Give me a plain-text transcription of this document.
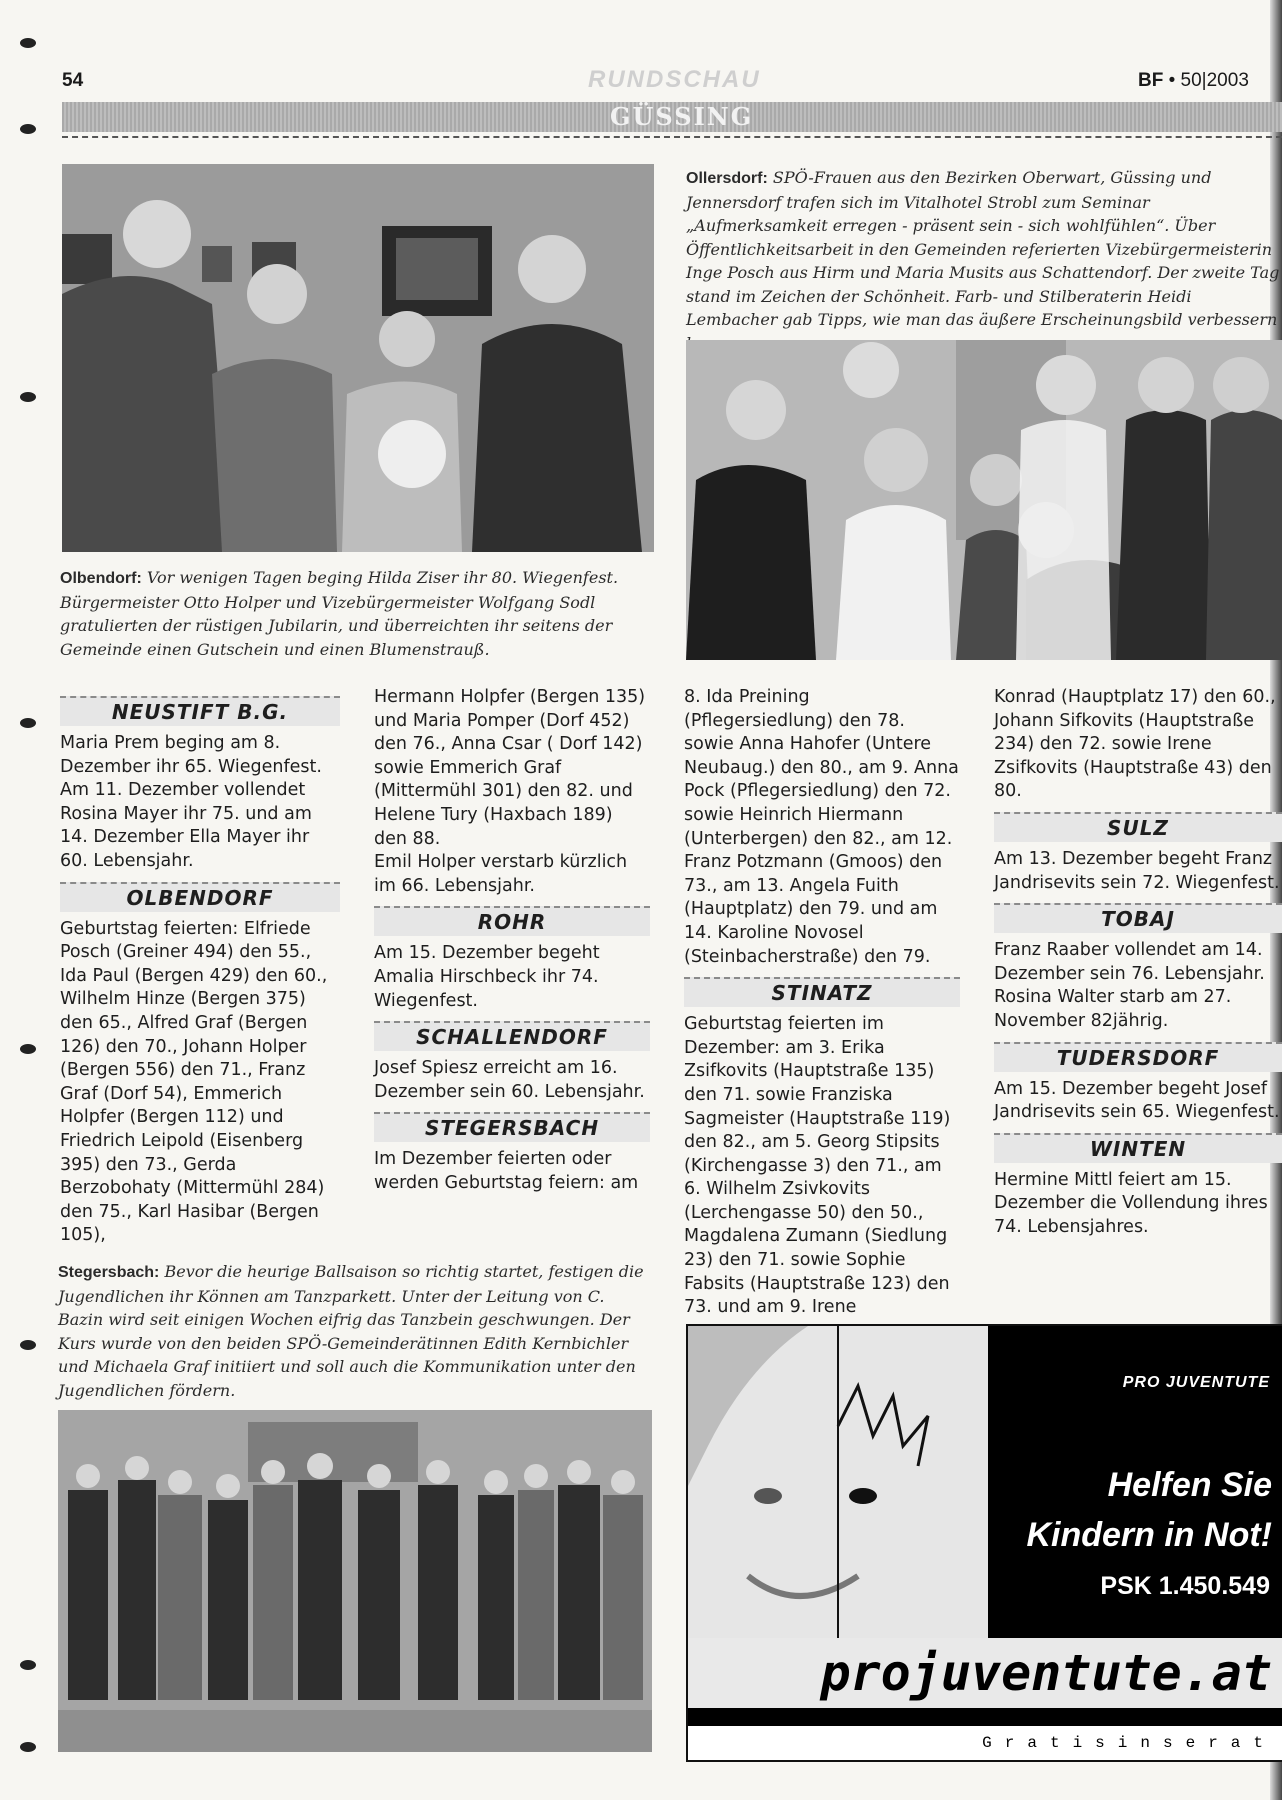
54	RUNDSCHAU	BF • 50|2003
GÜSSING
Olbendorf: Vor wenigen Tagen beging Hilda Ziser ihr 80. Wiegenfest. Bürgermeister Otto Holper und Vizebürgermeister Wolfgang Sodl gratulierten der rüstigen Jubilarin, und überreichten ihr seitens der Gemeinde einen Gutschein und einen Blumenstrauß.
Ollersdorf: SPÖ-Frauen aus den Bezirken Oberwart, Güssing und Jennersdorf trafen sich im Vitalhotel Strobl zum Seminar „Aufmerksamkeit erregen - präsent sein - sich wohlfühlen“. Über Öffentlichkeitsarbeit in den Gemeinden referierten Vizebürgermeisterin Inge Posch aus Hirm und Maria Musits aus Schattendorf. Der zweite Tag stand im Zeichen der Schönheit. Farb- und Stilberaterin Heidi Lembacher gab Tipps, wie man das äußere Erscheinungsbild verbessern
NEUSTIFT B.G.

Maria Prem beging am 8. Dezember ihr 65. Wiegenfest. Am 11. Dezember vollendet Rosina Mayer ihr 75. und am 14. Dezember Ella Mayer ihr 60. Lebensjahr.

OLBENDORF

Geburtstag feierten: Elfriede Posch (Greiner 494) den 55., Ida Paul (Bergen 429) den 60., Wilhelm Hinze (Bergen 375) den 65., Alfred Graf (Bergen 126) den 70., Johann Holper (Bergen 556) den 71., Franz Graf (Dorf 54), Emmerich Holpfer (Bergen 112) und Friedrich Leipold (Eisenberg 395) den 73., Gerda Berzobohaty (Mittermühl 284) den 75., Karl Hasibar (Bergen 105),

Hermann Holpfer (Bergen 135) und Maria Pomper (Dorf 452) den 76., Anna Csar ( Dorf 142) sowie Emmerich Graf (Mittermühl 301) den 82. und Helene Tury (Haxbach 189) den 88.

Emil Holper verstarb kürzlich im 66. Lebensjahr.

ROHR

Am 15. Dezember begeht Amalia Hirschbeck ihr 74. Wiegenfest.

SCHALLENDORF

Josef Spiesz erreicht am 16. Dezember sein 60. Lebensjahr.

STEGERSBACH

Im Dezember feierten oder werden Geburtstag feiern: am

8. Ida Preining (Pflegersiedlung) den 78. sowie Anna Hahofer (Untere Neubaug.) den 80., am 9. Anna Pock (Pflegersiedlung) den 72. sowie Heinrich Hiermann (Unterbergen) den 82., am 12. Franz Potzmann (Gmoos) den 73., am 13. Angela Fuith (Hauptplatz) den 79. und am 14. Karoline Novosel (Steinbacherstraße) den 79.

STINATZ

Geburtstag feierten im Dezember: am 3. Erika Zsifkovits (Hauptstraße 135) den 71. sowie Franziska Sagmeister (Hauptstraße 119) den 82., am 5. Georg Stipsits (Kirchengasse 3) den 71., am 6. Wilhelm Zsivkovits (Lerchengasse 50) den 50., Magdalena Zumann (Siedlung 23) den 71. sowie Sophie Fabsits (Hauptstraße 123) den 73. und am 9. Irene

Konrad (Hauptplatz 17) den 60., Johann Sifkovits (Hauptstraße 234) den 72. sowie Irene Zsifkovits (Hauptstraße 43) den 80.

SULZ

Am 13. Dezember begeht Franz Jandrisevits sein 72. Wiegenfest.

TOBAJ

Franz Raaber vollendet am 14. Dezember sein 76. Lebensjahr. Rosina Walter starb am 27. November 82jährig.

TUDERSDORF

Am 15. Dezember begeht Josef Jandrisevits sein 65. Wiegenfest.

WINTEN

Hermine Mittl feiert am 15. Dezember die Vollendung ihres 74. Lebensjahres.

Stegersbach: Bevor die heurige Ballsaison so richtig startet, festigen die Jugendlichen ihr Können am Tanzparkett. Unter der Leitung von C. Bazin wird seit einigen Wochen eifrig das Tanzbein geschwungen. Der Kurs wurde von den beiden SPÖ-Gemeinderätinnen Edith Kernbichler und Michaela Graf initiiert und soll auch die Kommunikation unter den Jugendlichen fördern.	PRO JUVENTUTE
Helfen Sie
Kindern in Not!
PSK 1.450.549
projuventute.at
Gratisinserat
